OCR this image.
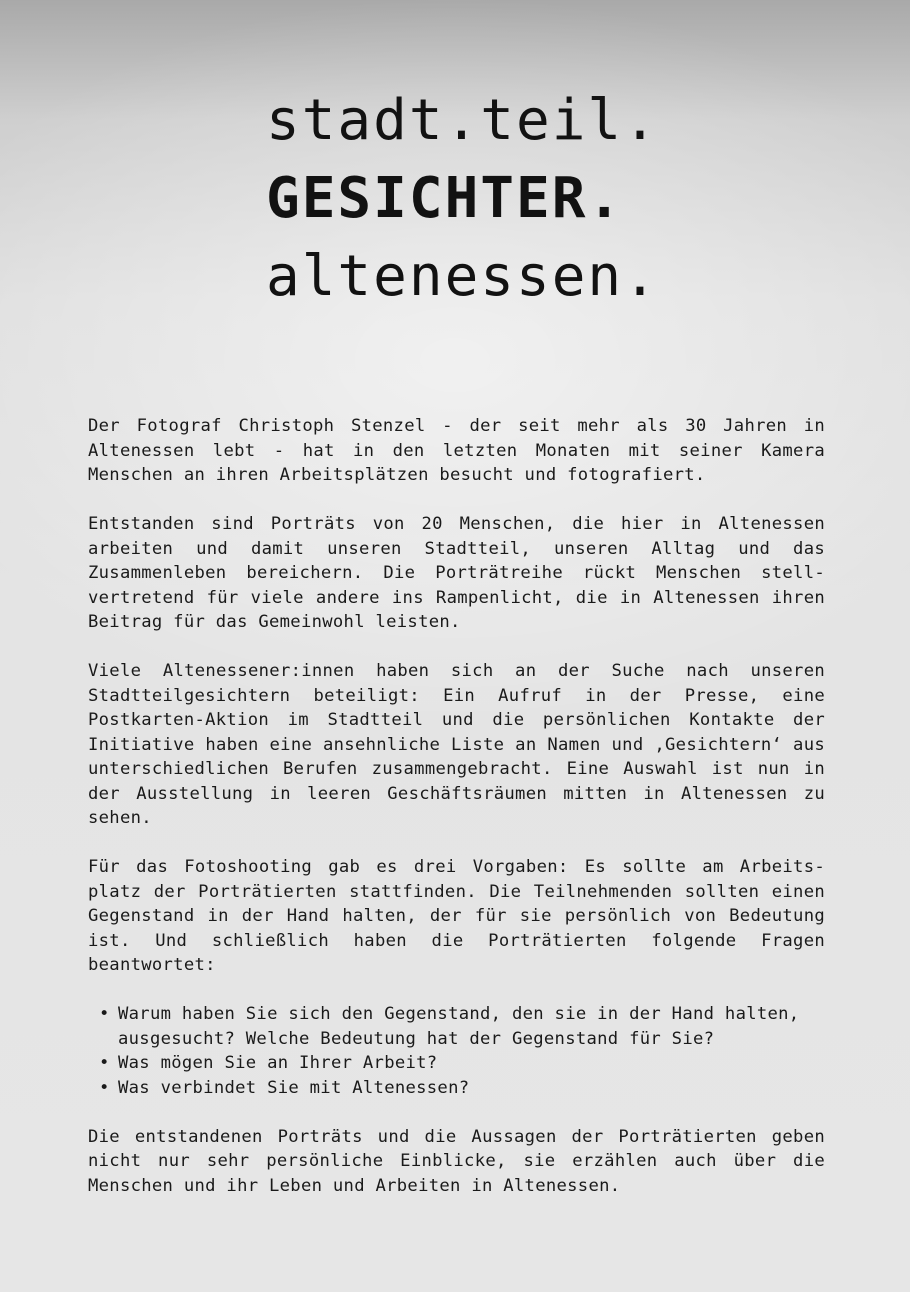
stadt.teil.
GESICHTER.
altenessen.

Der Fotograf Christoph Stenzel - der seit mehr als 30 Jahren in Altenessen lebt - hat in den letzten Monaten mit seiner Kamera Menschen an ihren Arbeitsplätzen besucht und fotografiert.

Entstanden sind Porträts von 20 Menschen, die hier in Altenessen arbeiten und damit unseren Stadtteil, unseren Alltag und das Zusammenleben bereichern. Die Porträtreihe rückt Menschen stell- vertretend für viele andere ins Rampenlicht, die in Altenessen ihren Beitrag für das Gemeinwohl leisten.

Viele Altenessener:innen haben sich an der Suche nach unseren Stadtteilgesichtern beteiligt: Ein Aufruf in der Presse, eine Postkarten-Aktion im Stadtteil und die persönlichen Kontakte der Initiative haben eine ansehnliche Liste an Namen und ‚Gesichtern‘ aus unterschiedlichen Berufen zusammengebracht. Eine Auswahl ist nun in der Ausstellung in leeren Geschäftsräumen mitten in Altenessen zu sehen.

Für das Fotoshooting gab es drei Vorgaben: Es sollte am Arbeits- platz der Porträtierten stattfinden. Die Teilnehmenden sollten einen Gegenstand in der Hand halten, der für sie persönlich von Bedeutung ist. Und schließlich haben die Porträtierten folgende Fragen beantwortet:

• Warum haben Sie sich den Gegenstand, den sie in der Hand halten, ausgesucht? Welche Bedeutung hat der Gegenstand für Sie?
• Was mögen Sie an Ihrer Arbeit?
• Was verbindet Sie mit Altenessen?

Die entstandenen Porträts und die Aussagen der Porträtierten geben nicht nur sehr persönliche Einblicke, sie erzählen auch über die Menschen und ihr Leben und Arbeiten in Altenessen.
